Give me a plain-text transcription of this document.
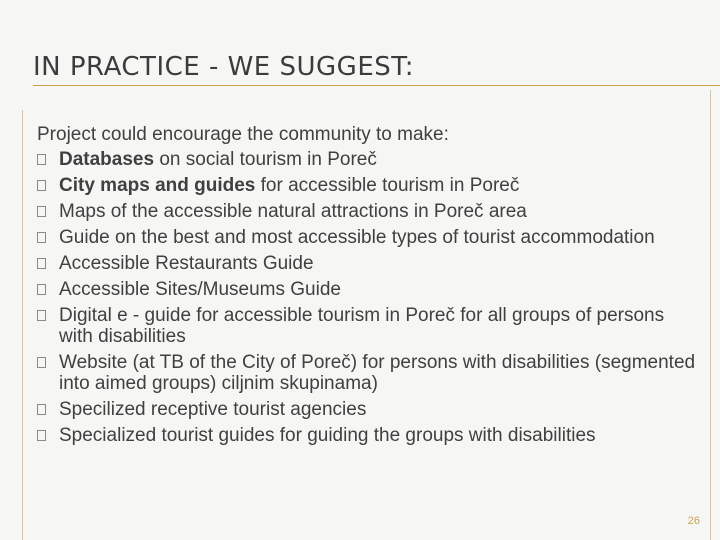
IN PRACTICE - WE SUGGEST:

Project could encourage the community to make:

Databases on social tourism in Poreč
City maps and guides for accessible tourism in Poreč
Maps of the accessible natural attractions in Poreč area
Guide on the best and most accessible types of tourist accommodation
Accessible Restaurants Guide
Accessible Sites/Museums Guide
Digital e - guide for accessible tourism in Poreč for all groups of persons with disabilities
Website (at TB of the City of Poreč) for persons with disabilities (segmented into aimed groups) ciljnim skupinama)
Specilized receptive tourist agencies
Specialized tourist guides for guiding the groups with disabilities
26
